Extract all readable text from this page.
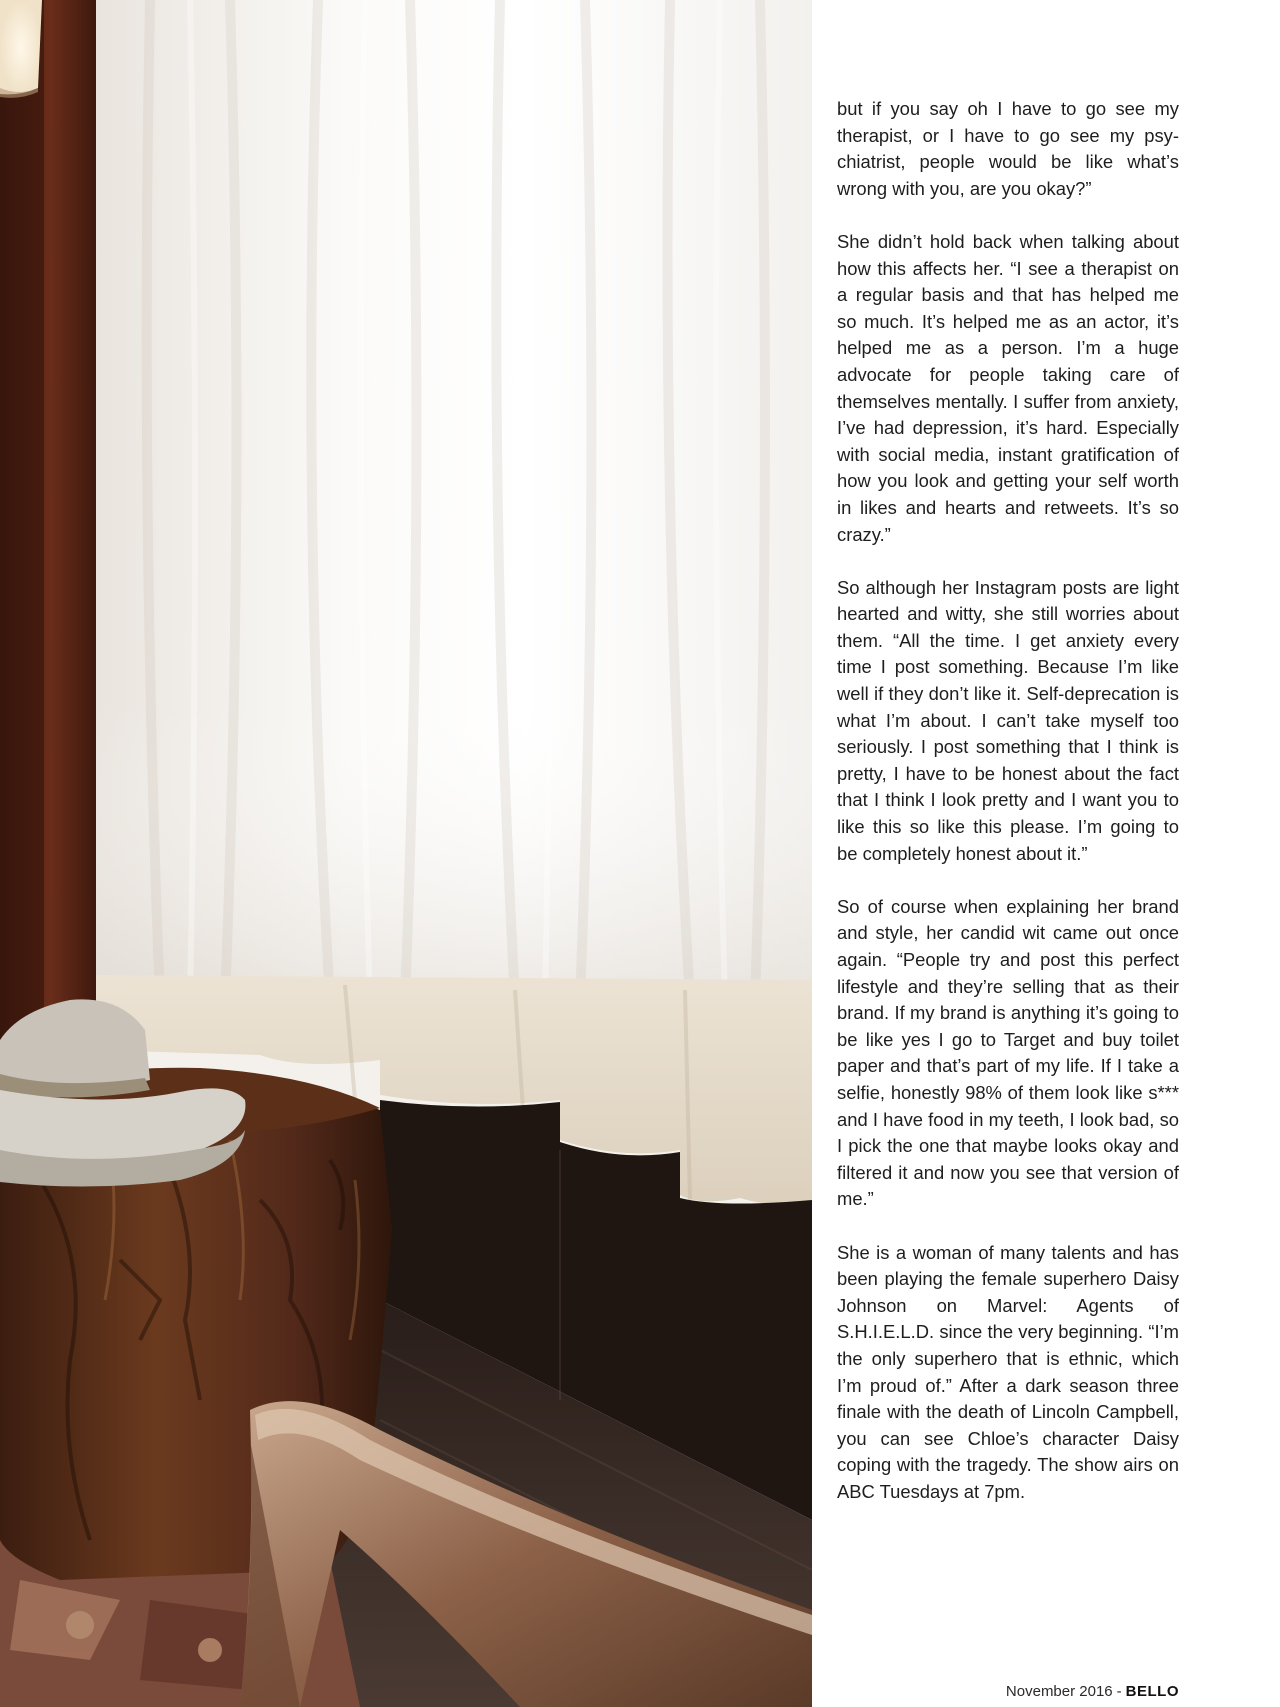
but if you say oh I have to go see my therapist, or I have to go see my psychiatrist, people would be like what’s wrong with you, are you okay?”

She didn’t hold back when talking about how this affects her. “I see a therapist on a regular basis and that has helped me so much. It’s helped me as an actor, it’s helped me as a person. I’m a huge advocate for people taking care of themselves mentally. I suffer from anxiety, I’ve had depression, it’s hard. Especially with social media, instant gratification of how you look and getting your self worth in likes and hearts and retweets. It’s so crazy.”

So although her Instagram posts are light hearted and witty, she still worries about them. “All the time. I get anxiety every time I post something. Because I’m like well if they don’t like it. Self-deprecation is what I’m about. I can’t take myself too seriously. I post something that I think is pretty, I have to be honest about the fact that I think I look pretty and I want you to like this so like this please. I’m going to be completely honest about it.”

So of course when explaining her brand and style, her candid wit came out once again. “People try and post this perfect lifestyle and they’re selling that as their brand. If my brand is anything it’s going to be like yes I go to Target and buy toilet paper and that’s part of my life. If I take a selfie, honestly 98% of them look like s*** and I have food in my teeth, I look bad, so I pick the one that maybe looks okay and filtered it and now you see that version of me.”

She is a woman of many talents and has been playing the female superhero Daisy Johnson on Marvel: Agents of S.H.I.E.L.D. since the very beginning. “I’m the only superhero that is ethnic, which I’m proud of.” After a dark season three finale with the death of Lincoln Campbell, you can see Chloe’s character Daisy coping with the tragedy. The show airs on ABC Tuesdays at 7pm.

November 2016 - BELLO
